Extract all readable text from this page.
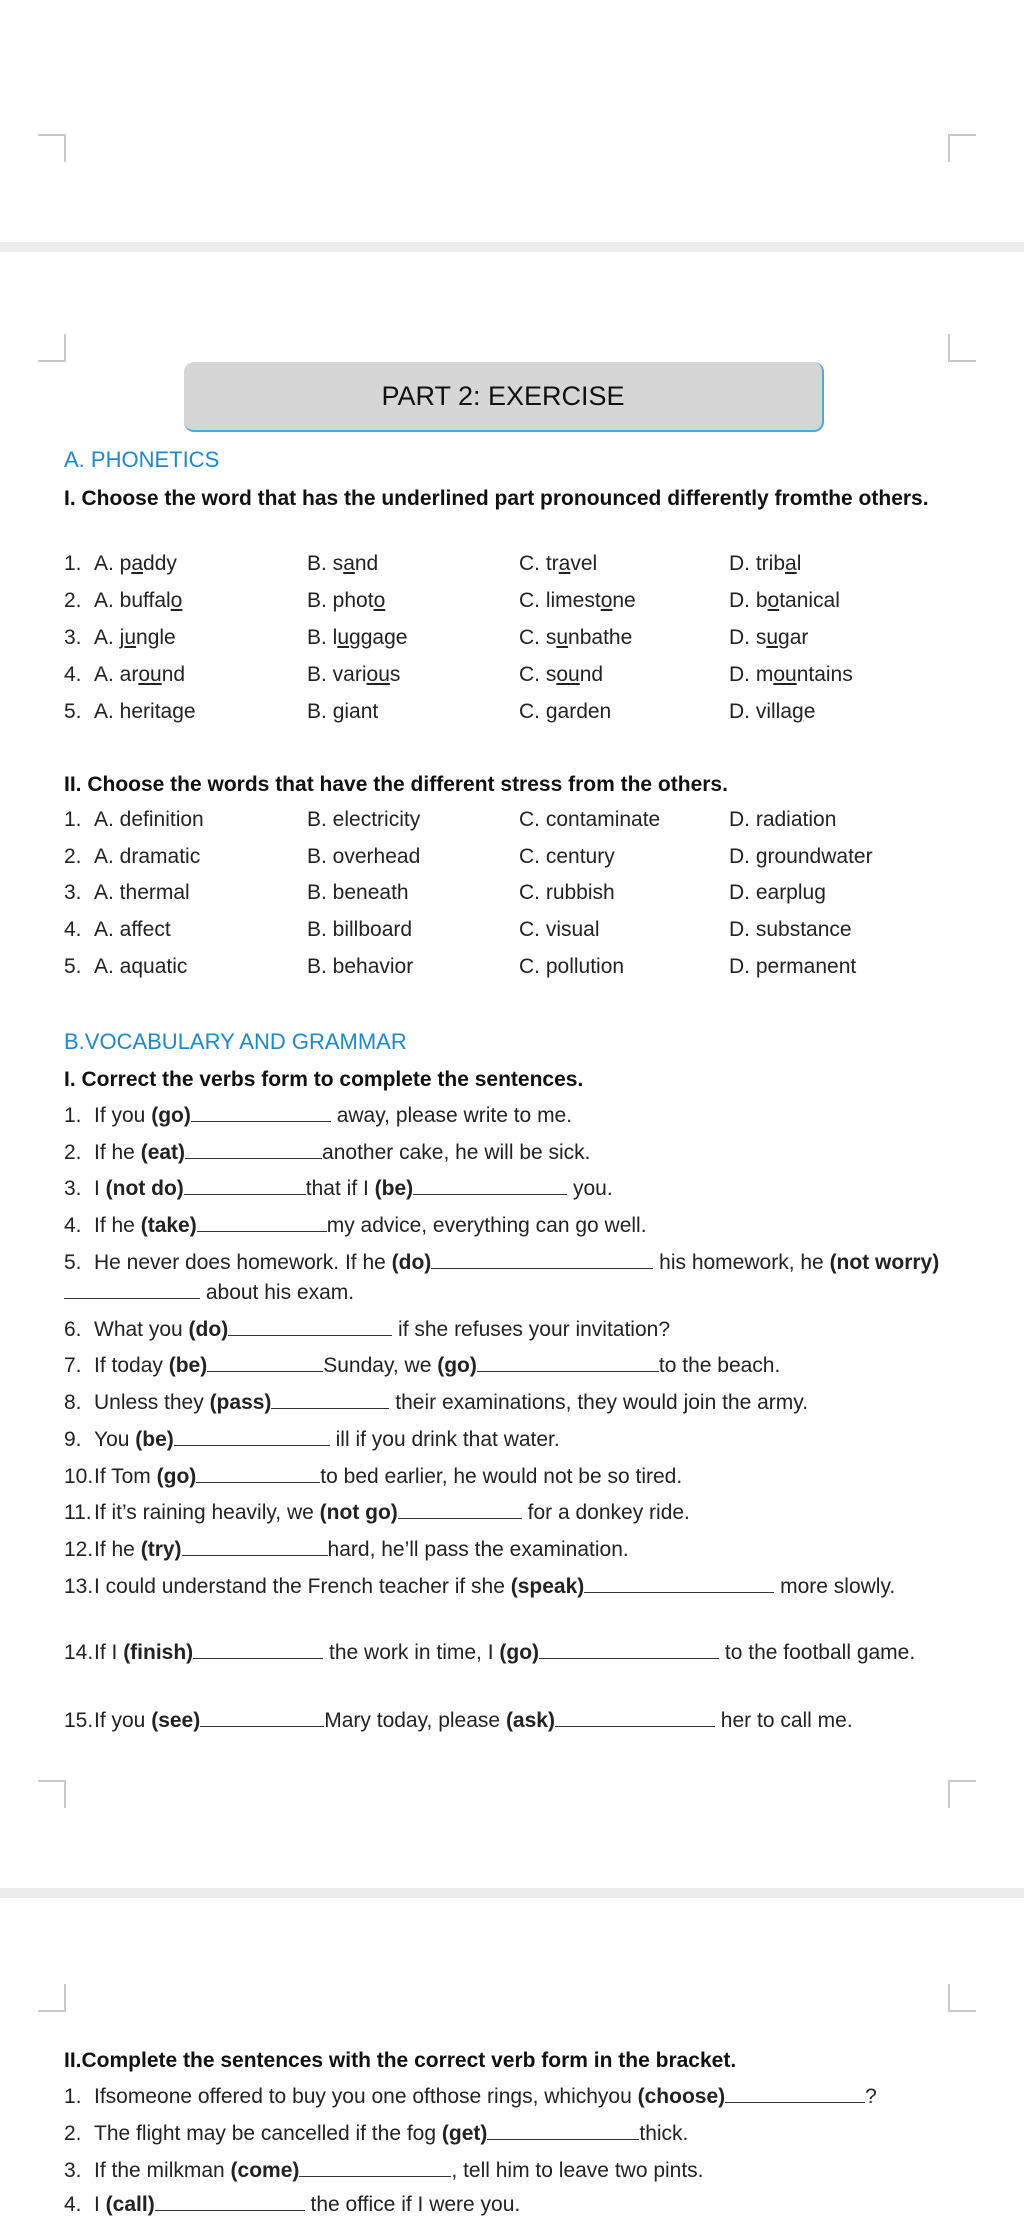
PART 2: EXERCISE
A. PHONETICS
I. Choose the word that has the underlined part pronounced differently fromthe others.
1. A. paddy	B. sand	C. travel	D. tribal
2. A. buffalo	B. photo	C. limestone	D. botanical
3. A. jungle	B. luggage	C. sunbathe	D. sugar
4. A. around	B. various	C. sound	D. mountains
5. A. heritage	B. giant	C. garden	D. village
II. Choose the words that have the different stress from the others.
1. A. definition	B. electricity	C. contaminate	D. radiation
2. A. dramatic	B. overhead	C. century	D. groundwater
3. A. thermal	B. beneath	C. rubbish	D. earplug
4. A. affect	B. billboard	C. visual	D. substance
5. A. aquatic	B. behavior	C. pollution	D. permanent
B.VOCABULARY AND GRAMMAR
I. Correct the verbs form to complete the sentences.
1. If you (go)	away, please write to me.
2. If he (eat)	another cake, he will be sick.
3. I (not do)	that if I (be)	you.
4. If he (take)	my advice, everything can go well.
5. He never does homework. If he (do)	his homework, he (not worry)  about his exam.
6. What you (do)	if she refuses your invitation?
7. If today (be)	Sunday, we (go)	to the beach.
8. Unless they (pass)	their examinations, they would join the army.
9. You (be)	ill if you drink that water.
10.If Tom (go)	to bed earlier, he would not be so tired.
11. If it’s raining heavily, we (not go)	for a donkey ride.
12.If he (try)	hard, he’ll pass the examination.
13.I could understand the French teacher if she (speak)	more slowly.
14.If I (finish)	the work in time, I (go)	to the football game.
15.If you (see)	Mary today, please (ask)	her to call me.
II.Complete the sentences with the correct verb form in the bracket.
1. Ifsomeone offered to buy you one ofthose rings, whichyou (choose)	?
2. The flight may be cancelled if the fog (get)	thick.
3. If the milkman (come)	, tell him to leave two pints.
4. I (call)	the office if I were you.
